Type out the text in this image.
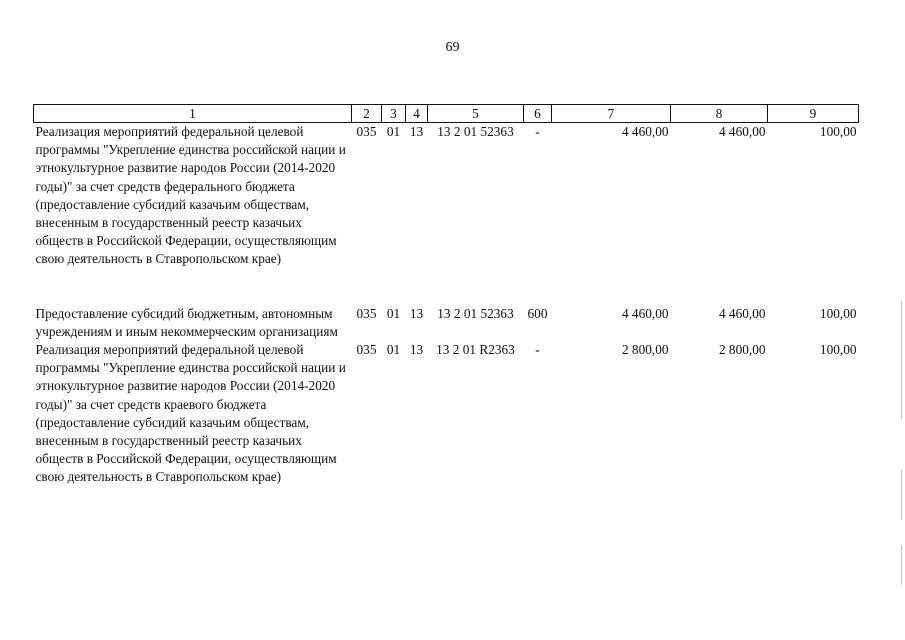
69
1	2	3	4	5	6	7	8	9
Реализация мероприятий федеральной целевой программы "Укрепление единства российской нации и этнокультурное развитие народов России (2014-2020 годы)" за счет средств федерального бюджета (предоставление субсидий казачьим обществам, внесенным в государственный реестр казачьих обществ в Российской Федерации, осуществляющим свою деятельность в Ставропольском крае)	035	01	13	13 2 01 52363	-	4 460,00	4 460,00	100,00

Предоставление субсидий бюджетным, автономным учреждениям и иным некоммерческим организациям	035	01	13	13 2 01 52363	600	4 460,00	4 460,00	100,00
Реализация мероприятий федеральной целевой программы "Укрепление единства российской нации и этнокультурное развитие народов России (2014-2020 годы)" за счет средств краевого бюджета (предоставление субсидий казачьим обществам, внесенным в государственный реестр казачьих обществ в Российской Федерации, осуществляющим свою деятельность в Ставропольском крае)	035	01	13	13 2 01 R2363	-	2 800,00	2 800,00	100,00
